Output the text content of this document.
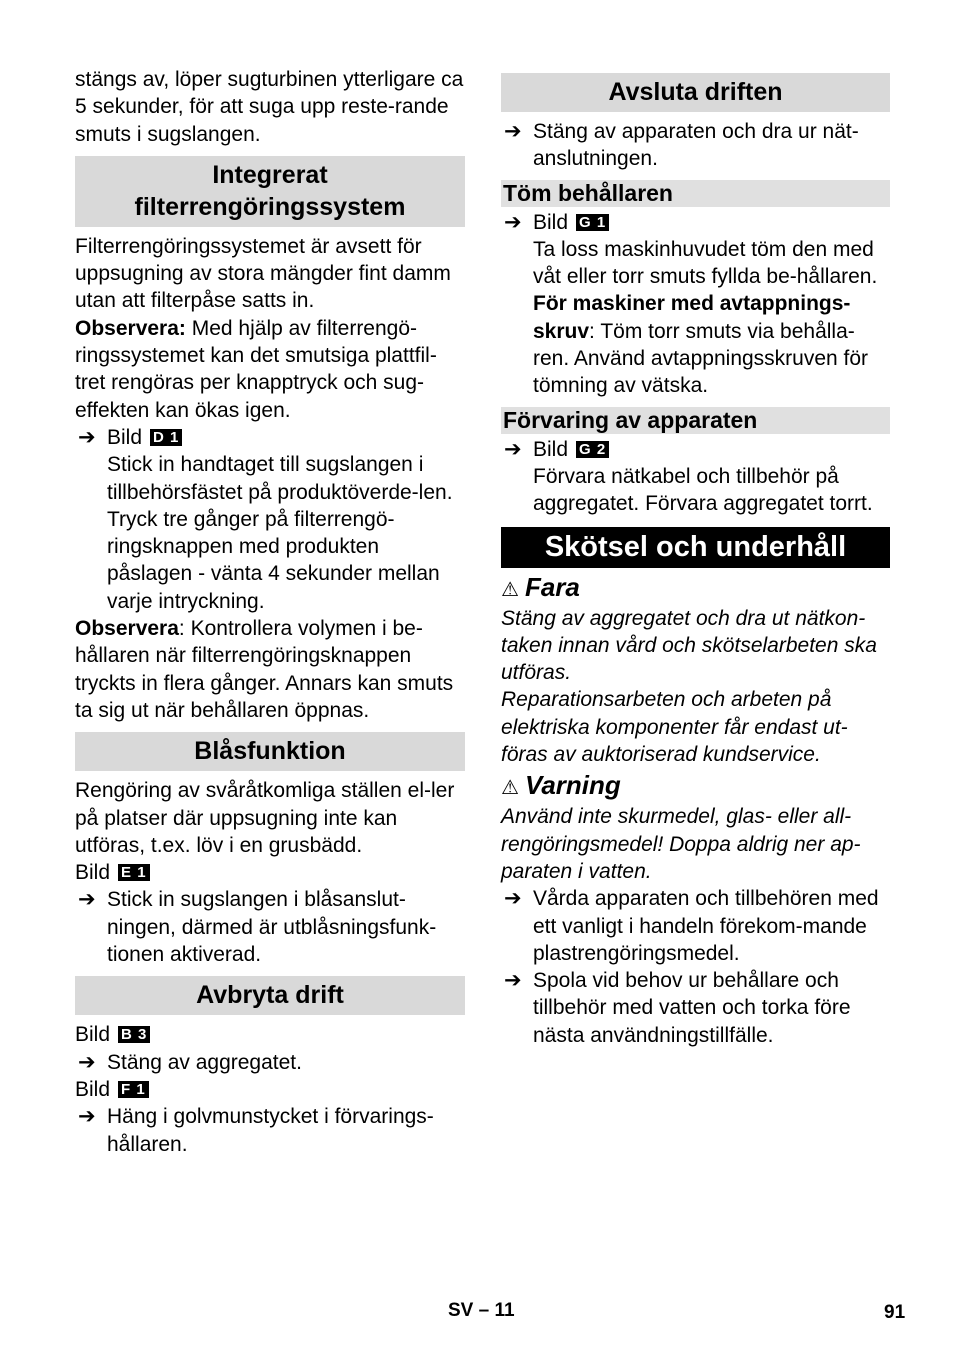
stängs av, löper sugturbinen ytterligare ca 5 sekunder, för att suga upp reste-rande smuts i sugslangen.

Integrerat filterrengöringssystem

Filterrengöringssystemet är avsett för uppsugning av stora mängder fint damm utan att filterpåse satts in.

Observera: Med hjälp av filterrengö-ringssystemet kan det smutsiga plattfil-tret rengöras per knapptryck och sug-effekten kan ökas igen.

➔ Bild D 1

Stick in handtaget till sugslangen i tillbehörsfästet på produktöverde-len. Tryck tre gånger på filterrengö-ringsknappen med produkten påslagen - vänta 4 sekunder mellan varje intryckning.

Observera: Kontrollera volymen i be-hållaren när filterrengöringsknappen tryckts in flera gånger. Annars kan smuts ta sig ut när behållaren öppnas.

Blåsfunktion

Rengöring av svåråtkomliga ställen el-ler på platser där uppsugning inte kan utföras, t.ex. löv i en grusbädd.

Bild E 1

➔ Stick in sugslangen i blåsanslut-ningen, därmed är utblåsningsfunk-tionen aktiverad.
Avbryta drift

Bild B 3

➔ Stäng av aggregatet.

Bild F 1

➔ Häng i golvmunstycket i förvarings-hållaren.
Avsluta driften
➔ Stäng av apparaten och dra ur nät-anslutningen.
Töm behållaren
➔ Bild G 1

Ta loss maskinhuvudet töm den med våt eller torr smuts fyllda be-hållaren.

För maskiner med avtappnings-skruv: Töm torr smuts via behålla-ren. Använd avtappningsskruven för tömning av vätska.

Förvaring av apparaten
➔ Bild G 2

Förvara nätkabel och tillbehör på aggregatet. Förvara aggregatet torrt.

Skötsel och underhåll
⚠ Fara

Stäng av aggregatet och dra ut nätkon-taken innan vård och skötselarbeten ska utföras.

Reparationsarbeten och arbeten på elektriska komponenter får endast ut-föras av auktoriserad kundservice.

⚠ Varning

Använd inte skurmedel, glas- eller all-rengöringsmedel! Doppa aldrig ner ap-paraten i vatten.

➔ Vårda apparaten och tillbehören med ett vanligt i handeln förekom-mande plastrengöringsmedel.
➔ Spola vid behov ur behållare och tillbehör med vatten och torka före nästa användningstillfälle.
SV – 11	91
